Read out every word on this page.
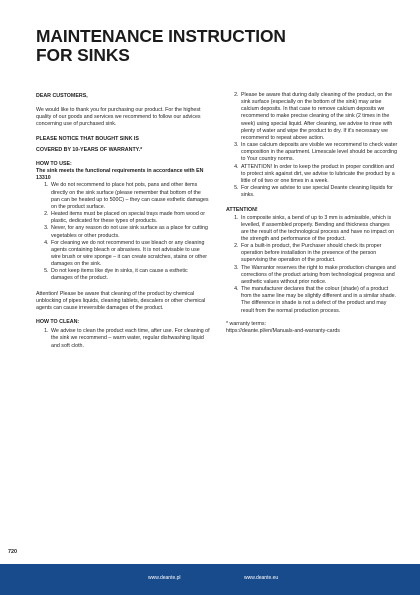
MAINTENANCE INSTRUCTION
FOR SINKS

DEAR CUSTOMERS,

We would like to thank you for purchasing our product. For the highest quality of our goods and services we recommend to follow our advices concerning use of purchased sink.

PLEASE NOTICE THAT BOUGHT SINK IS

COVERED BY 10-YEARS OF WARRANTY.*

HOW TO USE:

The sink meets the functional requirements in accordance with EN 13310

1. We do not recommend to place hot pots, pans and other items directly on the sink surface (please remember that bottom of the pan can be heated up to 500C) – they can cause esthetic damages on the product surface.
2. Heated items must be placed on special trays made from wood or plastic, dedicated for these types of products.
3. Never, for any reason do not use sink surface as a place for cutting vegetables or other products.
4. For cleaning we do not recommend to use bleach or any cleaning agents containing bleach or abrasives. It is not advisable to use wire brush or wire sponge – it can create scratches, stains or other damages on the sink.
5. Do not keep items like dye in sinks, it can cause a esthetic damages of the product.

Attention! Please be aware that cleaning of the product by chemical unblocking of pipes liquids, cleaning tablets, descalers or other chemical agents can cause irreversible damages of the product.

HOW TO CLEAN:

1. We advise to clean the product each time, after use. For cleaning of the sink we recommend – warm water, regular dishwashing liquid and soft cloth.
2. Please be aware that during daily cleaning of the product, on the sink surface (especially on the bottom of the sink) may arise calcium deposits. In that case to remove calcium deposits we recommend to make precise cleaning of the sink (2 times in the week) using special liquid. After cleaning, we advise to rinse with plenty of water and wipe the product to dry. If it's necessary we recommend to repeat above action.
3. In case calcium deposits are visible we recommend to check water composition in the apartment. Limescale level should be according to Your country norms.
4. ATTENTION! In order to keep the product in proper condition and to protect sink against dirt, we advise to lubricate the product by a little of oil two or one times in a week.
5. For cleaning we advise to use special Deante cleaning liquids for sinks.

ATTENTION!

1. In composite sinks, a bend of up to 3 mm is admissible, which is levelled, if assembled properly. Bending and thickness changes are the result of the technological process and have no impact on the strength and performance of the product.
2. For a built-in product, the Purchaser should check its proper operation before installation in the presence of the person supervising the operation of the product.
3. The Warrantor reserves the right to make production changes and corrections of the product arising from technological progress and aesthetic values without prior notice.
4. The manufacturer declares that the colour (shade) of a product from the same line may be slightly different and in a similar shade. The difference in shade is not a defect of the product and may result from the normal production process.

* warranty terms:

https://deante.pl/en/Manuals-and-warranty-cards

720
www.deante.pl	www.deante.eu
